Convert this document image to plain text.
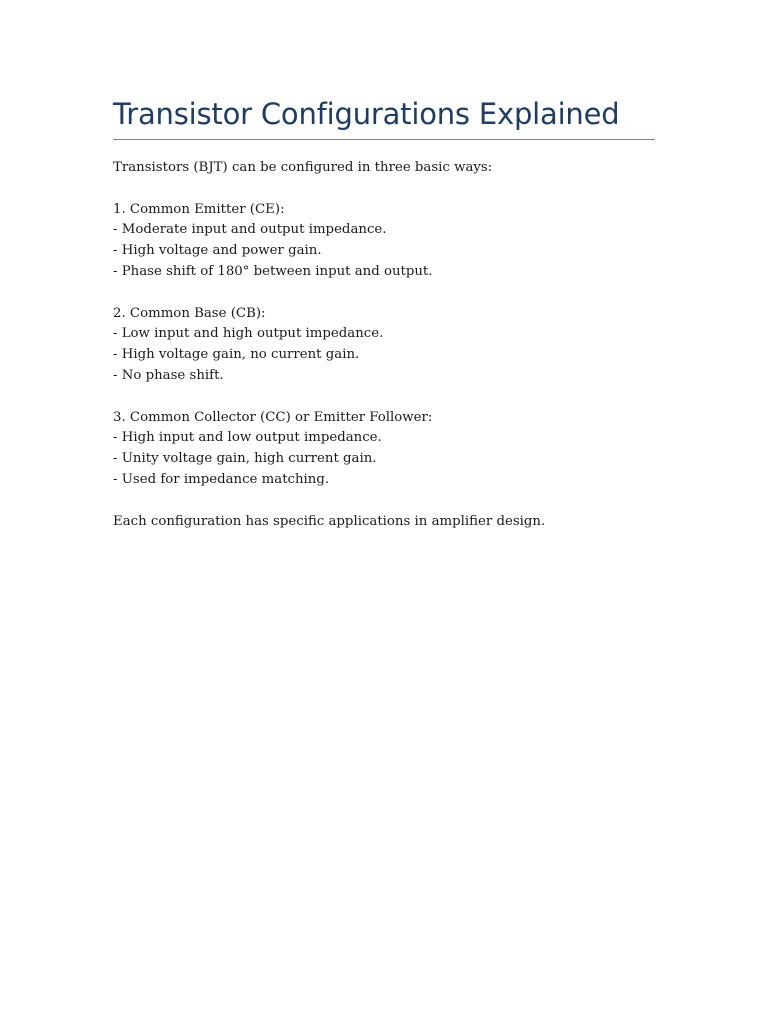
Transistor Configurations Explained
Transistors (BJT) can be configured in three basic ways:
1. Common Emitter (CE):
- Moderate input and output impedance.
- High voltage and power gain.
- Phase shift of 180° between input and output.
2. Common Base (CB):
- Low input and high output impedance.
- High voltage gain, no current gain.
- No phase shift.
3. Common Collector (CC) or Emitter Follower:
- High input and low output impedance.
- Unity voltage gain, high current gain.
- Used for impedance matching.
Each configuration has specific applications in amplifier design.
